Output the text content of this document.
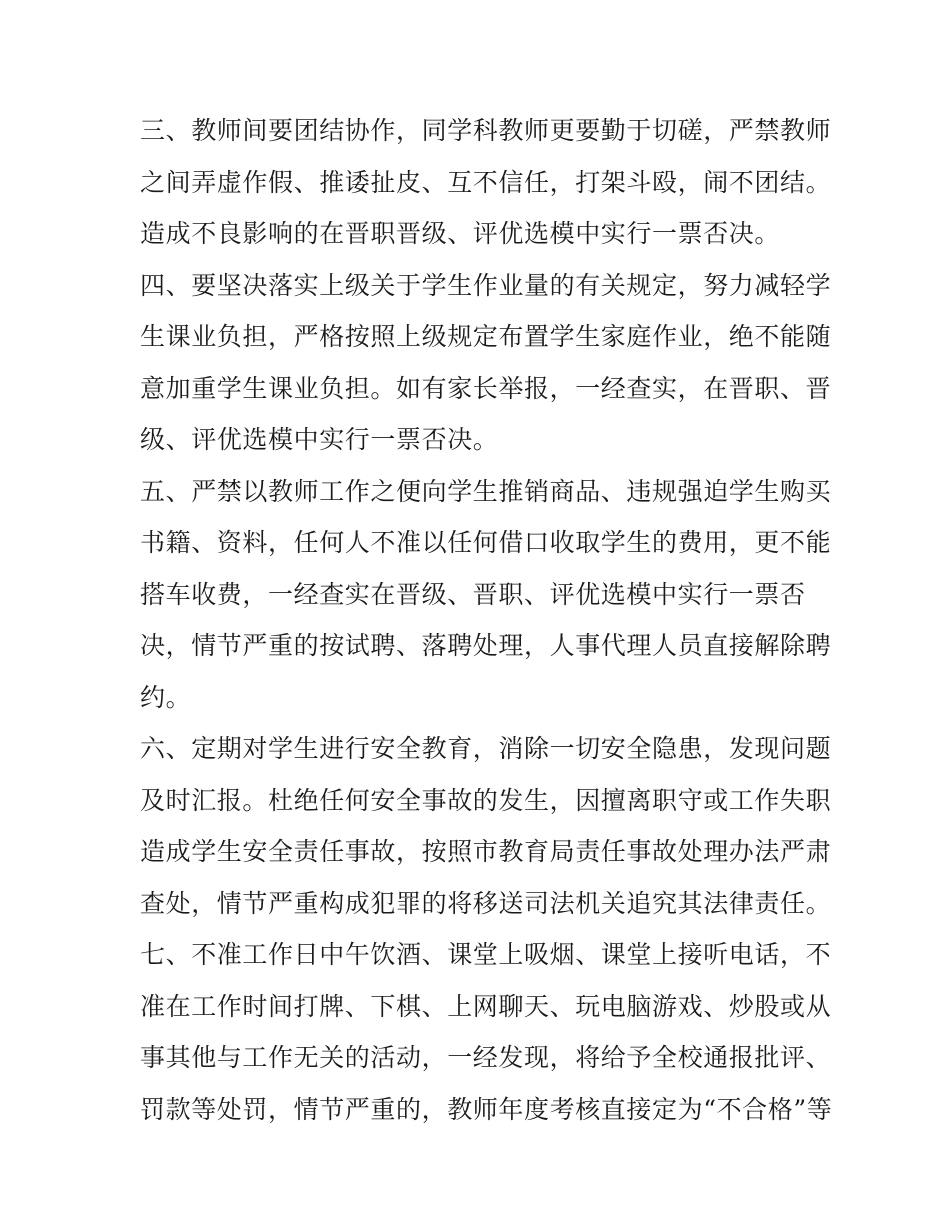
三、教师间要团结协作，同学科教师更要勤于切磋，严禁教师
之间弄虚作假、推诿扯皮、互不信任，打架斗殴，闹不团结。
造成不良影响的在晋职晋级、评优选模中实行一票否决。
四、要坚决落实上级关于学生作业量的有关规定，努力减轻学
生课业负担，严格按照上级规定布置学生家庭作业，绝不能随
意加重学生课业负担。如有家长举报，一经查实，在晋职、晋
级、评优选模中实行一票否决。
五、严禁以教师工作之便向学生推销商品、违规强迫学生购买
书籍、资料，任何人不准以任何借口收取学生的费用，更不能
搭车收费，一经查实在晋级、晋职、评优选模中实行一票否
决，情节严重的按试聘、落聘处理，人事代理人员直接解除聘
约。
六、定期对学生进行安全教育，消除一切安全隐患，发现问题
及时汇报。杜绝任何安全事故的发生，因擅离职守或工作失职
造成学生安全责任事故，按照市教育局责任事故处理办法严肃
查处，情节严重构成犯罪的将移送司法机关追究其法律责任。
七、不准工作日中午饮酒、课堂上吸烟、课堂上接听电话，不
准在工作时间打牌、下棋、上网聊天、玩电脑游戏、炒股或从
事其他与工作无关的活动，一经发现，将给予全校通报批评、
罚款等处罚，情节严重的，教师年度考核直接定为“不合格”等
